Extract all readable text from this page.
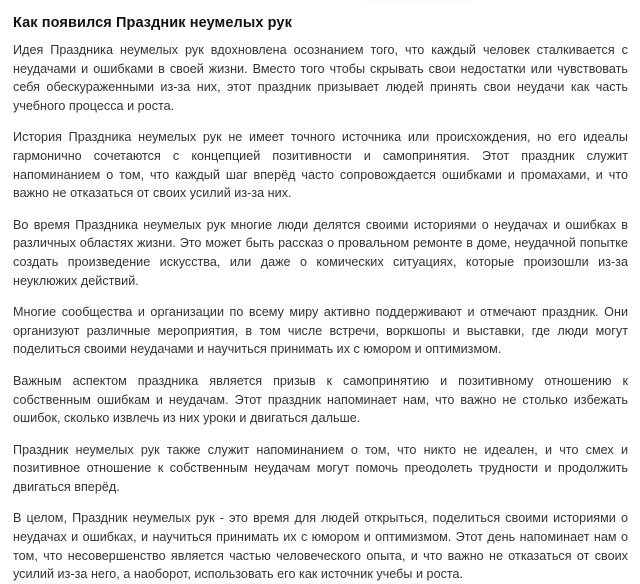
Как появился Праздник неумелых рук

Идея Праздника неумелых рук вдохновлена осознанием того, что каждый человек сталкивается с неудачами и ошибками в своей жизни. Вместо того чтобы скрывать свои недостатки или чувствовать себя обескураженными из-за них, этот праздник призывает людей принять свои неудачи как часть учебного процесса и роста.

История Праздника неумелых рук не имеет точного источника или происхождения, но его идеалы гармонично сочетаются с концепцией позитивности и самопринятия. Этот праздник служит напоминанием о том, что каждый шаг вперёд часто сопровождается ошибками и промахами, и что важно не отказаться от своих усилий из-за них.

Во время Праздника неумелых рук многие люди делятся своими историями о неудачах и ошибках в различных областях жизни. Это может быть рассказ о провальном ремонте в доме, неудачной попытке создать произведение искусства, или даже о комических ситуациях, которые произошли из-за неуклюжих действий.

Многие сообщества и организации по всему миру активно поддерживают и отмечают праздник. Они организуют различные мероприятия, в том числе встречи, воркшопы и выставки, где люди могут поделиться своими неудачами и научиться принимать их с юмором и оптимизмом.

Важным аспектом праздника является призыв к самопринятию и позитивному отношению к собственным ошибкам и неудачам. Этот праздник напоминает нам, что важно не столько избежать ошибок, сколько извлечь из них уроки и двигаться дальше.

Праздник неумелых рук также служит напоминанием о том, что никто не идеален, и что смех и позитивное отношение к собственным неудачам могут помочь преодолеть трудности и продолжить двигаться вперёд.

В целом, Праздник неумелых рук - это время для людей открыться, поделиться своими историями о неудачах и ошибках, и научиться принимать их с юмором и оптимизмом. Этот день напоминает нам о том, что несовершенство является частью человеческого опыта, и что важно не отказаться от своих усилий из-за него, а наоборот, использовать его как источник учебы и роста.
